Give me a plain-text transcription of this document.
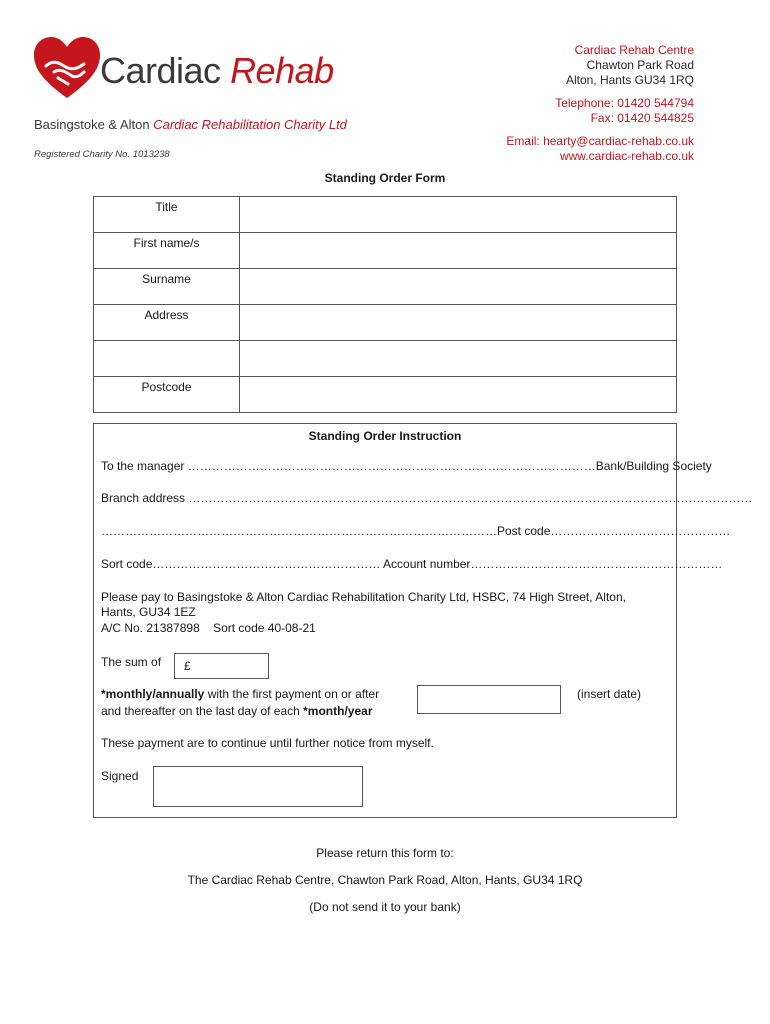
Cardiac Rehab
Basingstoke & Alton Cardiac Rehabilitation Charity Ltd
Registered Charity No. 1013238
Cardiac Rehab Centre
Chawton Park Road
Alton, Hants GU34 1RQ
Telephone: 01420 544794
Fax: 01420 544825
Email: hearty@cardiac-rehab.co.uk
www.cardiac-rehab.co.uk
Standing Order Form
Title	
First name/s	
Surname	
Address	

Postcode	
Standing Order Instruction
To the manager …………………………………………………………………………………………Bank/Building Society
Branch address ……………………………………………………………………………………………………………………………
………………………………………………………………………………………Post code………………………………………
Sort code………………………………………………… Account number………………………………………………………
Please pay to Basingstoke & Alton Cardiac Rehabilitation Charity Ltd, HSBC, 74 High Street, Alton,
Hants, GU34 1EZ
A/C No. 21387898    Sort code 40-08-21
The sum of £
*monthly/annually with the first payment on or after	(insert date)
and thereafter on the last day of each *month/year
These payment are to continue until further notice from myself.
Signed
Please return this form to:
The Cardiac Rehab Centre, Chawton Park Road, Alton, Hants, GU34 1RQ
(Do not send it to your bank)
